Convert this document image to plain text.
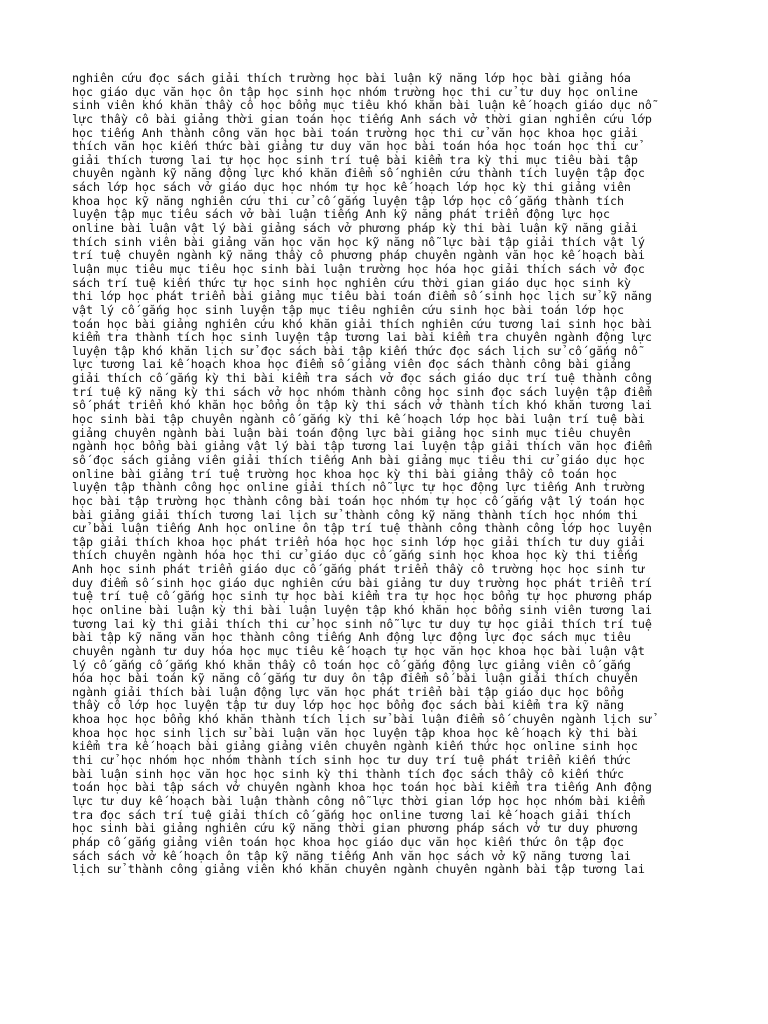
nghiên cứu đọc sách giải thích trường học bài luận kỹ năng lớp học bài giảng hóa
học giáo dục văn học ôn tập học sinh học nhóm trường học thi cử tư duy học online
sinh viên khó khăn thầy cô học bổng mục tiêu khó khăn bài luận kế hoạch giáo dục nỗ
lực thầy cô bài giảng thời gian toán học tiếng Anh sách vở thời gian nghiên cứu lớp
học tiếng Anh thành công văn học bài toán trường học thi cử văn học khoa học giải
thích văn học kiến thức bài giảng tư duy văn học bài toán hóa học toán học thi cử
giải thích tương lai tự học học sinh trí tuệ bài kiểm tra kỳ thi mục tiêu bài tập
chuyên ngành kỹ năng động lực khó khăn điểm số nghiên cứu thành tích luyện tập đọc
sách lớp học sách vở giáo dục học nhóm tự học kế hoạch lớp học kỳ thi giảng viên
khoa học kỹ năng nghiên cứu thi cử cố gắng luyện tập lớp học cố gắng thành tích
luyện tập mục tiêu sách vở bài luận tiếng Anh kỹ năng phát triển động lực học
online bài luận vật lý bài giảng sách vở phương pháp kỳ thi bài luận kỹ năng giải
thích sinh viên bài giảng văn học văn học kỹ năng nỗ lực bài tập giải thích vật lý
trí tuệ chuyên ngành kỹ năng thầy cô phương pháp chuyên ngành văn học kế hoạch bài
luận mục tiêu mục tiêu học sinh bài luận trường học hóa học giải thích sách vở đọc
sách trí tuệ kiến thức tự học sinh học nghiên cứu thời gian giáo dục học sinh kỳ
thi lớp học phát triển bài giảng mục tiêu bài toán điểm số sinh học lịch sử kỹ năng
vật lý cố gắng học sinh luyện tập mục tiêu nghiên cứu sinh học bài toán lớp học
toán học bài giảng nghiên cứu khó khăn giải thích nghiên cứu tương lai sinh học bài
kiểm tra thành tích học sinh luyện tập tương lai bài kiểm tra chuyên ngành động lực
luyện tập khó khăn lịch sử đọc sách bài tập kiến thức đọc sách lịch sử cố gắng nỗ
lực tương lai kế hoạch khoa học điểm số giảng viên đọc sách thành công bài giảng
giải thích cố gắng kỳ thi bài kiểm tra sách vở đọc sách giáo dục trí tuệ thành công
trí tuệ kỹ năng kỳ thi sách vở học nhóm thành công học sinh đọc sách luyện tập điểm
số phát triển khó khăn học bổng ôn tập kỳ thi sách vở thành tích khó khăn tương lai
học sinh bài tập chuyên ngành cố gắng kỳ thi kế hoạch lớp học bài luận trí tuệ bài
giảng chuyên ngành bài luận bài toán động lực bài giảng học sinh mục tiêu chuyên
ngành học bổng bài giảng vật lý bài tập tương lai luyện tập giải thích văn học điểm
số đọc sách giảng viên giải thích tiếng Anh bài giảng mục tiêu thi cử giáo dục học
online bài giảng trí tuệ trường học khoa học kỳ thi bài giảng thầy cô toán học
luyện tập thành công học online giải thích nỗ lực tự học động lực tiếng Anh trường
học bài tập trường học thành công bài toán học nhóm tự học cố gắng vật lý toán học
bài giảng giải thích tương lai lịch sử thành công kỹ năng thành tích học nhóm thi
cử bài luận tiếng Anh học online ôn tập trí tuệ thành công thành công lớp học luyện
tập giải thích khoa học phát triển hóa học học sinh lớp học giải thích tư duy giải
thích chuyên ngành hóa học thi cử giáo dục cố gắng sinh học khoa học kỳ thi tiếng
Anh học sinh phát triển giáo dục cố gắng phát triển thầy cô trường học học sinh tư
duy điểm số sinh học giáo dục nghiên cứu bài giảng tư duy trường học phát triển trí
tuệ trí tuệ cố gắng học sinh tự học bài kiểm tra tự học học bổng tự học phương pháp
học online bài luận kỳ thi bài luận luyện tập khó khăn học bổng sinh viên tương lai
tương lai kỳ thi giải thích thi cử học sinh nỗ lực tư duy tự học giải thích trí tuệ
bài tập kỹ năng văn học thành công tiếng Anh động lực động lực đọc sách mục tiêu
chuyên ngành tư duy hóa học mục tiêu kế hoạch tự học văn học khoa học bài luận vật
lý cố gắng cố gắng khó khăn thầy cô toán học cố gắng động lực giảng viên cố gắng
hóa học bài toán kỹ năng cố gắng tư duy ôn tập điểm số bài luận giải thích chuyên
ngành giải thích bài luận động lực văn học phát triển bài tập giáo dục học bổng
thầy cô lớp học luyện tập tư duy lớp học học bổng đọc sách bài kiểm tra kỹ năng
khoa học học bổng khó khăn thành tích lịch sử bài luận điểm số chuyên ngành lịch sử
khoa học học sinh lịch sử bài luận văn học luyện tập khoa học kế hoạch kỳ thi bài
kiểm tra kế hoạch bài giảng giảng viên chuyên ngành kiến thức học online sinh học
thi cử học nhóm học nhóm thành tích sinh học tư duy trí tuệ phát triển kiến thức
bài luận sinh học văn học học sinh kỳ thi thành tích đọc sách thầy cô kiến thức
toán học bài tập sách vở chuyên ngành khoa học toán học bài kiểm tra tiếng Anh động
lực tư duy kế hoạch bài luận thành công nỗ lực thời gian lớp học học nhóm bài kiểm
tra đọc sách trí tuệ giải thích cố gắng học online tương lai kế hoạch giải thích
học sinh bài giảng nghiên cứu kỹ năng thời gian phương pháp sách vở tư duy phương
pháp cố gắng giảng viên toán học khoa học giáo dục văn học kiến thức ôn tập đọc
sách sách vở kế hoạch ôn tập kỹ năng tiếng Anh văn học sách vở kỹ năng tương lai
lịch sử thành công giảng viên khó khăn chuyên ngành chuyên ngành bài tập tương lai
